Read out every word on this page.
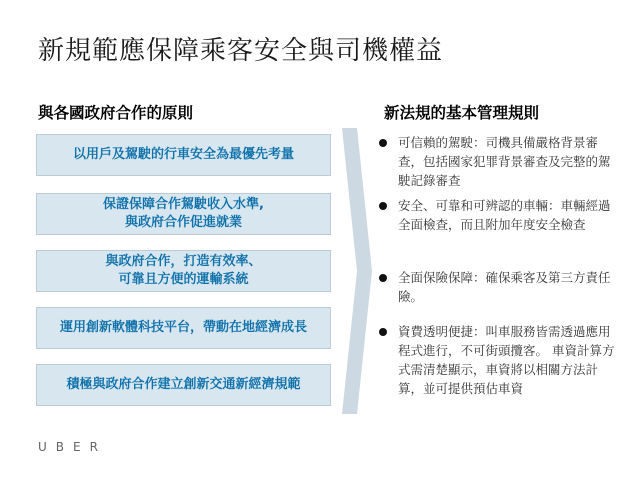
新規範應保障乘客安全與司機權益
與各國政府合作的原則	新法規的基本管理規則
以用戶及駕駛的行車安全為最優先考量
保證保障合作駕駛收入水準,
與政府合作促進就業
與政府合作，打造有效率、
可靠且方便的運輸系統
運用創新軟體科技平台，帶動在地經濟成長
積極與政府合作建立創新交通新經濟規範
可信賴的駕駛：司機具備嚴格背景審查，包括國家犯罪背景審查及完整的駕駛記錄審查
安全、可靠和可辨認的車輛：車輛經過全面檢查，而且附加年度安全檢查
全面保險保障：確保乘客及第三方責任險。
資費透明便捷：叫車服務皆需透過應用程式進行，不可街頭攬客。 車資計算方式需清楚顯示，車資將以相關方法計算，並可提供預估車資
UBER
